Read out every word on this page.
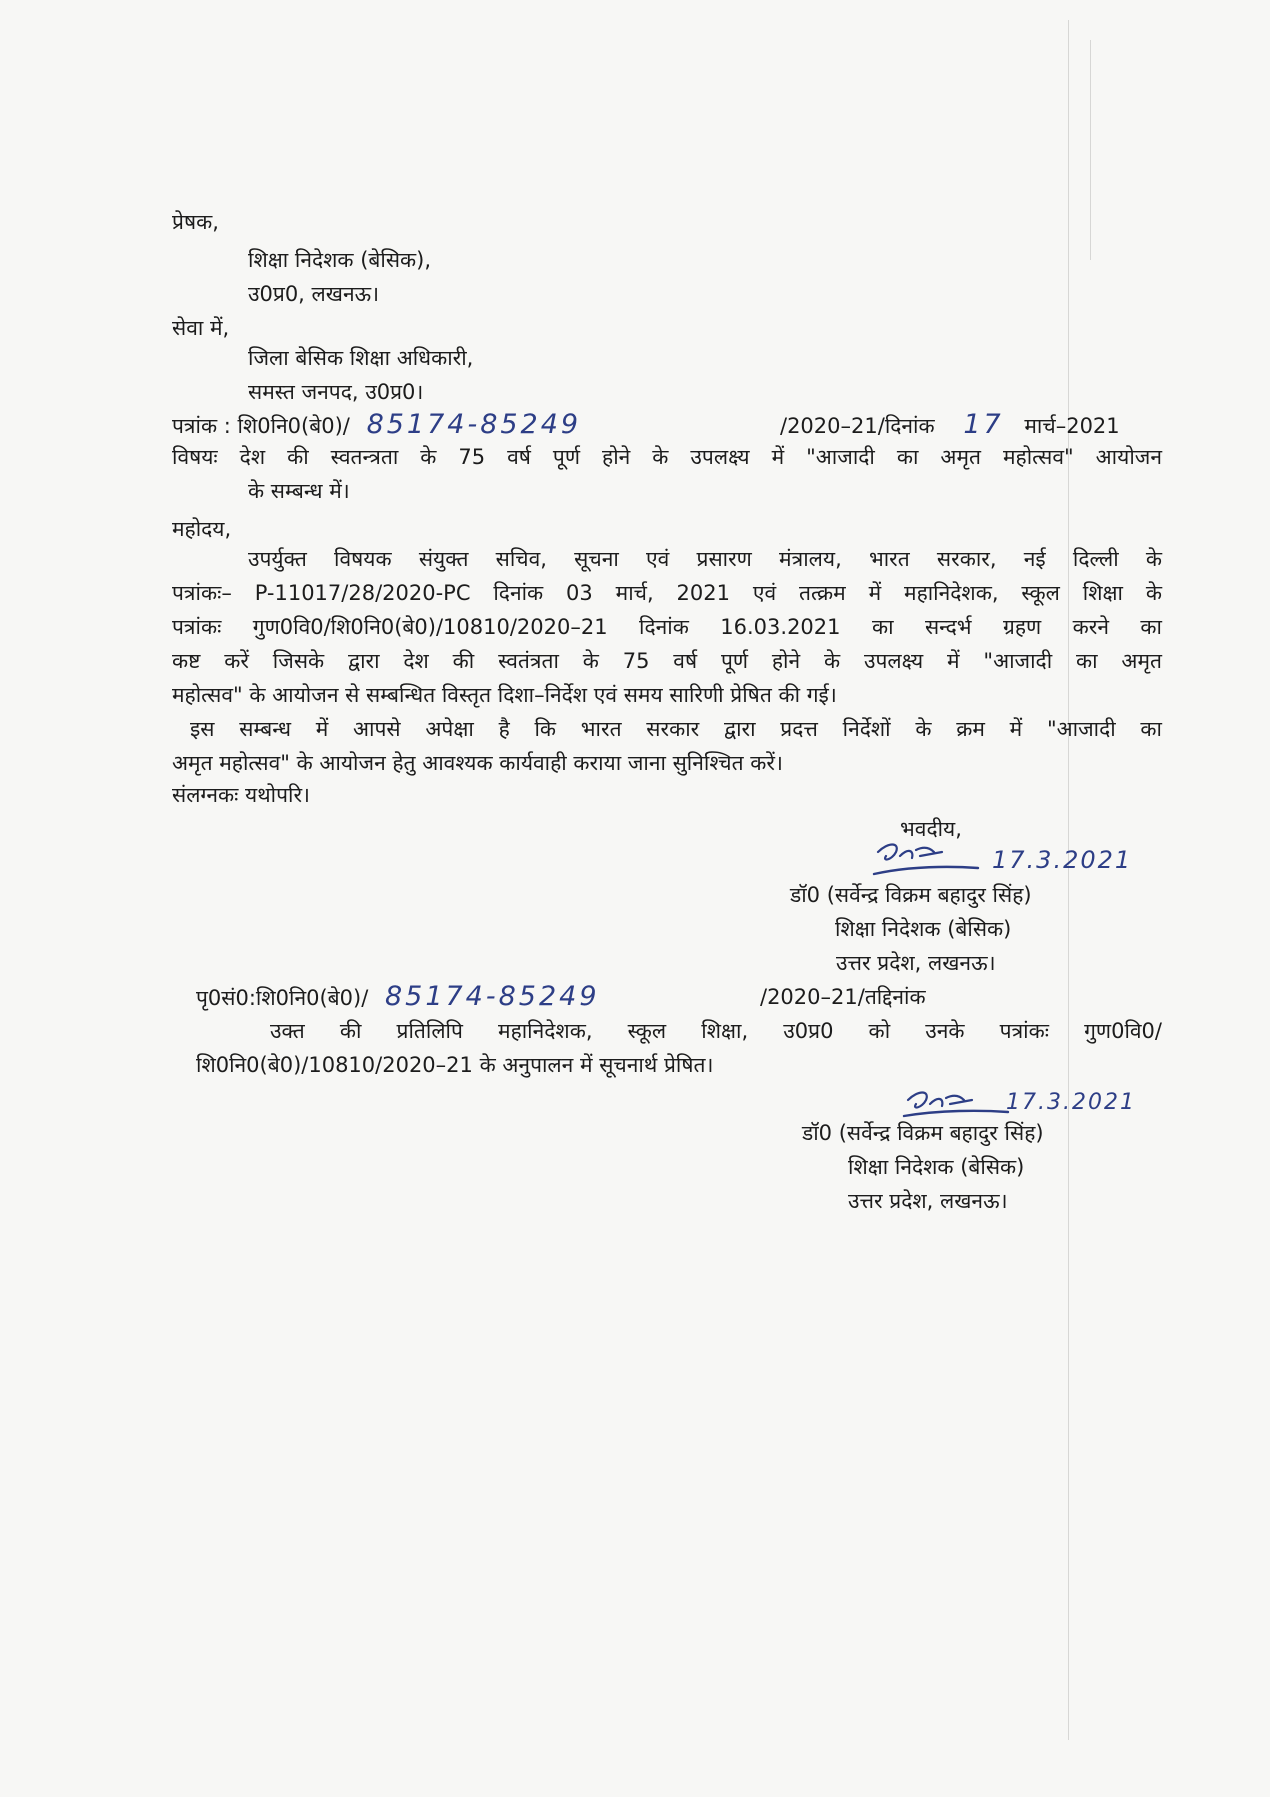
प्रेषक,
शिक्षा निदेशक (बेसिक),
उ0प्र0, लखनऊ।
सेवा में,
जिला बेसिक शिक्षा अधिकारी,
समस्त जनपद, उ0प्र0।
पत्रांक : शि0नि0(बे0)/ 85174-85249	/2020–21/दिनांक 17 मार्च–2021
विषयः देश की स्वतन्त्रता के 75 वर्ष पूर्ण होने के उपलक्ष्य में "आजादी का अमृत महोत्सव" आयोजन
के सम्बन्ध में।
महोदय,
उपर्युक्त विषयक संयुक्त सचिव, सूचना एवं प्रसारण मंत्रालय, भारत सरकार, नई दिल्ली के
पत्रांकः– P-11017/28/2020-PC दिनांक 03 मार्च, 2021 एवं तत्क्रम में महानिदेशक, स्कूल शिक्षा के
पत्रांकः गुण0वि0/शि0नि0(बे0)/10810/2020–21 दिनांक 16.03.2021 का सन्दर्भ ग्रहण करने का
कष्ट करें जिसके द्वारा देश की स्वतंत्रता के 75 वर्ष पूर्ण होने के उपलक्ष्य में "आजादी का अमृत
महोत्सव" के आयोजन से सम्बन्धित विस्तृत दिशा–निर्देश एवं समय सारिणी प्रेषित की गई।
इस सम्बन्ध में आपसे अपेक्षा है कि भारत सरकार द्वारा प्रदत्त निर्देशों के क्रम में "आजादी का
अमृत महोत्सव" के आयोजन हेतु आवश्यक कार्यवाही कराया जाना सुनिश्चित करें।
संलग्नकः यथोपरि।
भवदीय,
17.3.2021
डॉ0 (सर्वेन्द्र विक्रम बहादुर सिंह)
शिक्षा निदेशक (बेसिक)
उत्तर प्रदेश, लखनऊ।
पृ0सं0:शि0नि0(बे0)/ 85174-85249	/2020–21/तद्दिनांक
उक्त की प्रतिलिपि महानिदेशक, स्कूल शिक्षा, उ0प्र0 को उनके पत्रांकः गुण0वि0/
शि0नि0(बे0)/10810/2020–21 के अनुपालन में सूचनार्थ प्रेषित।
17.3.2021
डॉ0 (सर्वेन्द्र विक्रम बहादुर सिंह)
शिक्षा निदेशक (बेसिक)
उत्तर प्रदेश, लखनऊ।
